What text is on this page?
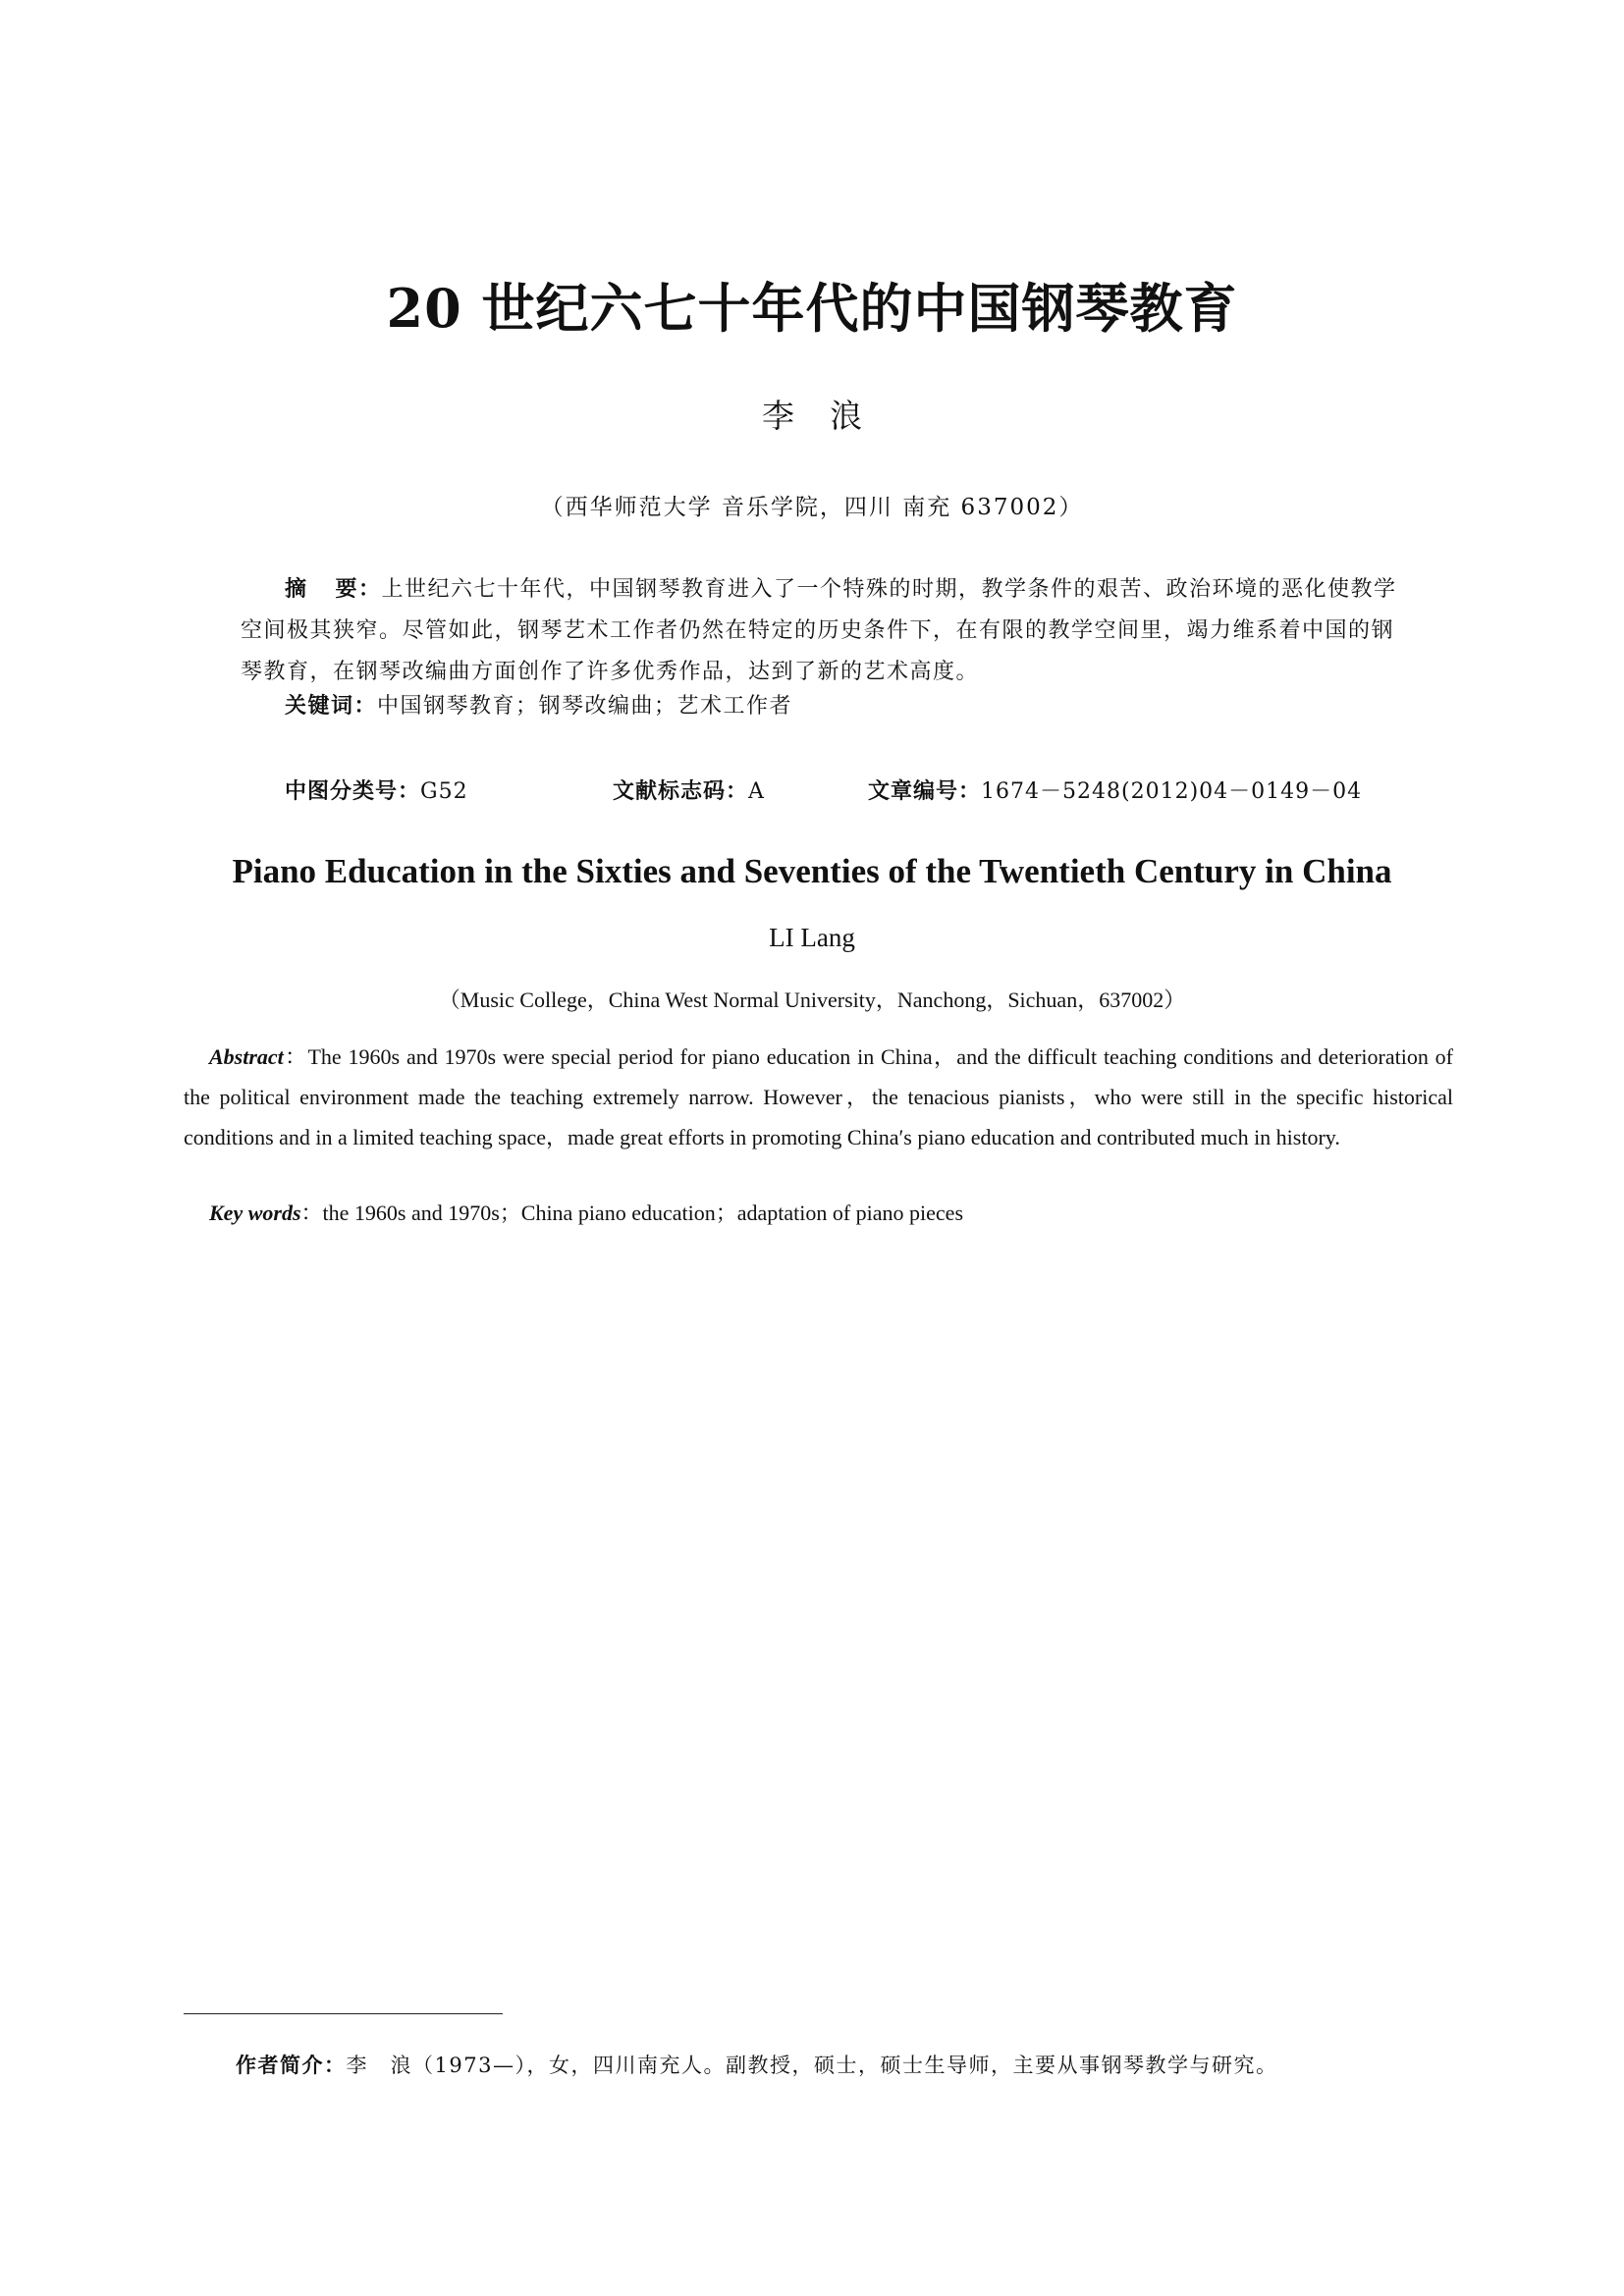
20 世纪六七十年代的中国钢琴教育
李浪
（西华师范大学 音乐学院，四川 南充 637002）

摘 要：上世纪六七十年代，中国钢琴教育进入了一个特殊的时期，教学条件的艰苦、政治环境的恶化使教学空间极其狭窄。尽管如此，钢琴艺术工作者仍然在特定的历史条件下，在有限的教学空间里，竭力维系着中国的钢琴教育，在钢琴改编曲方面创作了许多优秀作品，达到了新的艺术高度。

关键词：中国钢琴教育；钢琴改编曲；艺术工作者
中图分类号：G52	文献标志码：A	文章编号：1674－5248(2012)04－0149－04
Piano Education in the Sixties and Seventies of the Twentieth Century in China
LI Lang
（Music College，China West Normal University，Nanchong，Sichuan，637002）

Abstract：The 1960s and 1970s were special period for piano education in China，and the difficult teaching conditions and deterioration of the political environment made the teaching extremely narrow. However，the tenacious pianists，who were still in the specific historical conditions and in a limited teaching space，made great efforts in promoting China′s piano education and contributed much in history.

Key words：the 1960s and 1970s；China piano education；adaptation of piano pieces
作者简介：李　浪（1973—），女，四川南充人。副教授，硕士，硕士生导师，主要从事钢琴教学与研究。
